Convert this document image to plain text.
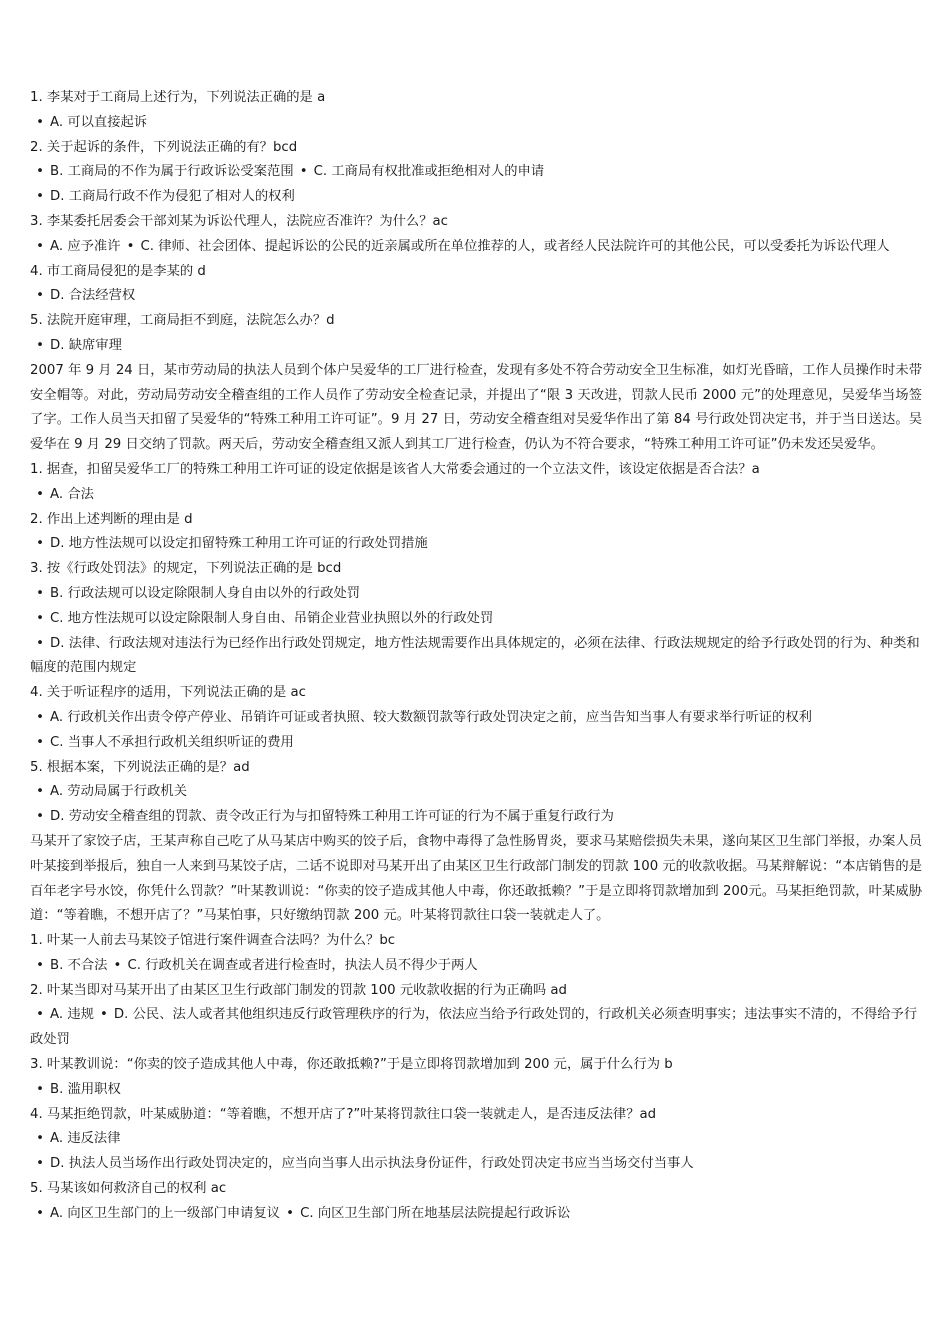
1. 李某对于工商局上述行为，下列说法正确的是 a
• A. 可以直接起诉
2. 关于起诉的条件，下列说法正确的有？bcd
• B. 工商局的不作为属于行政诉讼受案范围 • C. 工商局有权批准或拒绝相对人的申请
• D. 工商局行政不作为侵犯了相对人的权利
3. 李某委托居委会干部刘某为诉讼代理人，法院应否准许？为什么？ac
• A. 应予准许 • C. 律师、社会团体、提起诉讼的公民的近亲属或所在单位推荐的人，或者经人民法院许可的其他公民，可以受委托为诉讼代理人
4. 市工商局侵犯的是李某的 d
• D. 合法经营权
5. 法院开庭审理，工商局拒不到庭，法院怎么办？d
• D. 缺席审理
2007 年 9 月 24 日，某市劳动局的执法人员到个体户吴爱华的工厂进行检查，发现有多处不符合劳动安全卫生标准，如灯光昏暗，工作人员操作时未带安全帽等。对此，劳动局劳动安全稽查组的工作人员作了劳动安全检查记录，并提出了“限 3 天改进，罚款人民币 2000 元”的处理意见，吴爱华当场签了字。工作人员当天扣留了吴爱华的“特殊工种用工许可证”。9 月 27 日，劳动安全稽查组对吴爱华作出了第 84 号行政处罚决定书，并于当日送达。吴爱华在 9 月 29 日交纳了罚款。两天后，劳动安全稽查组又派人到其工厂进行检查，仍认为不符合要求，“特殊工种用工许可证”仍未发还吴爱华。
1. 据查，扣留吴爱华工厂的特殊工种用工许可证的设定依据是该省人大常委会通过的一个立法文件，该设定依据是否合法？a
• A. 合法
2. 作出上述判断的理由是 d
• D. 地方性法规可以设定扣留特殊工种用工许可证的行政处罚措施
3. 按《行政处罚法》的规定，下列说法正确的是 bcd
• B. 行政法规可以设定除限制人身自由以外的行政处罚
• C. 地方性法规可以设定除限制人身自由、吊销企业营业执照以外的行政处罚
• D. 法律、行政法规对违法行为已经作出行政处罚规定，地方性法规需要作出具体规定的，必须在法律、行政法规规定的给予行政处罚的行为、种类和幅度的范围内规定
4. 关于听证程序的适用，下列说法正确的是 ac
• A. 行政机关作出责令停产停业、吊销许可证或者执照、较大数额罚款等行政处罚决定之前，应当告知当事人有要求举行听证的权利
• C. 当事人不承担行政机关组织听证的费用
5. 根据本案，下列说法正确的是？ad
• A. 劳动局属于行政机关
• D. 劳动安全稽查组的罚款、责令改正行为与扣留特殊工种用工许可证的行为不属于重复行政行为
马某开了家饺子店，王某声称自己吃了从马某店中购买的饺子后，食物中毒得了急性肠胃炎，要求马某赔偿损失未果，遂向某区卫生部门举报，办案人员叶某接到举报后，独自一人来到马某饺子店，二话不说即对马某开出了由某区卫生行政部门制发的罚款 100 元的收款收据。马某辩解说：“本店销售的是百年老字号水饺，你凭什么罚款？”叶某教训说：“你卖的饺子造成其他人中毒，你还敢抵赖？”于是立即将罚款增加到 200元。马某拒绝罚款，叶某威胁道：“等着瞧，不想开店了？”马某怕事，只好缴纳罚款 200 元。叶某将罚款往口袋一装就走人了。
1. 叶某一人前去马某饺子馆进行案件调查合法吗？为什么？bc
• B. 不合法 • C. 行政机关在调查或者进行检查时，执法人员不得少于两人
2. 叶某当即对马某开出了由某区卫生行政部门制发的罚款 100 元收款收据的行为正确吗 ad
• A. 违规 • D. 公民、法人或者其他组织违反行政管理秩序的行为，依法应当给予行政处罚的，行政机关必须查明事实；违法事实不清的，不得给予行政处罚
3. 叶某教训说：“你卖的饺子造成其他人中毒，你还敢抵赖?”于是立即将罚款增加到 200 元，属于什么行为 b
• B. 滥用职权
4. 马某拒绝罚款，叶某威胁道：“等着瞧，不想开店了?”叶某将罚款往口袋一装就走人，是否违反法律？ad
• A. 违反法律
• D. 执法人员当场作出行政处罚决定的，应当向当事人出示执法身份证件，行政处罚决定书应当当场交付当事人
5. 马某该如何救济自己的权利 ac
• A. 向区卫生部门的上一级部门申请复议 • C. 向区卫生部门所在地基层法院提起行政诉讼
